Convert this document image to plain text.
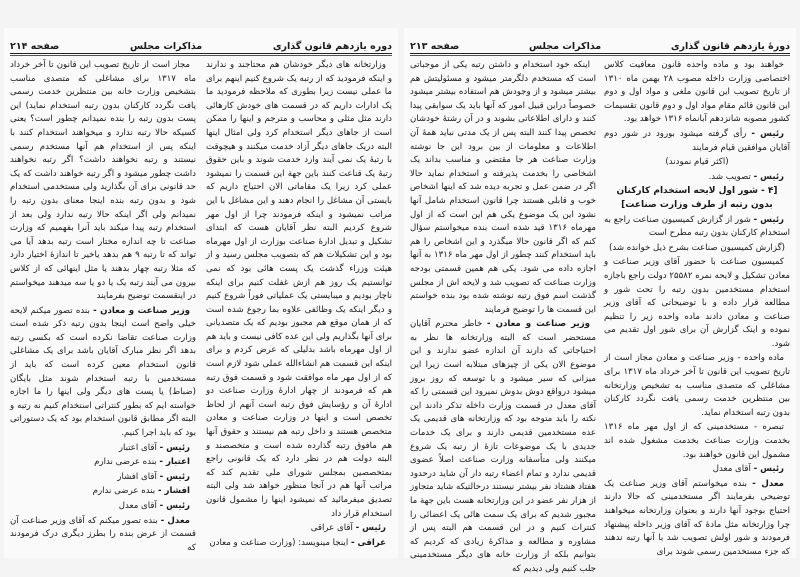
دوره یازدهم قانون گذاری
مذاکرات مجلس
صفحه ۲۱۴

وزارتخانه های دیگر خودشان هم محتاجند و ندارند و اینکه فرمودید که از رتبه یک شروع کنیم اینهم برای ما عملی نیست زیرا بطوری که ملاحظه فرمودید ما یک ادارات داریم که در قسمت های خودش کارهائی دارند مثل مثلی و محاسب و مترجم و اینها را ممکن است از جاهای دیگر استخدام کرد ولی امثال اینها البته دریک جاهای دیگر آزاد خدمت میکنند و هیچوقت با رتبهٔ یک نمی آیند وارد خدمت شوند و باین حقوق رتبهٔ یک قناعت کنند باین جهة این قسمت را نمیشود عملی کرد زیرا یک مقاماتی الان احتیاج داریم که بایستی آن مشاغل را انجام دهند و این مشاغل با این مراتب نمیشود و اینکه فرمودند چرا از اول مهر شروع کردیم البته نظر آقایان هست که ابتدای تشکیل و تبدیل ادارهٔ صناعت بوزارت از اول مهرماه بود و این تشکیلات هم که بتصویب مجلس رسید و از هیئت وزراء گذشت یک پست هائی بود که نمی توانستیم یک روز هم ازش غفلت کنیم برای اینکه ناچار بودیم و میبایستی یک عملیاتی فوراً شروع کنیم و دیگر اینکه یک وظائفی علاوه بما رجوع شده است که از همان موقع هم مجبور بودیم که یک متصدیانی برای آنها بگذاریم ولی این عده کافی نیست و باید هم از اول مهرماه باشد بدلیلی که عرض کردم و برای اینکه این قسمت هم انشاءالله عملی شود لازم است که از اول مهر ماه موافقت شود و قسمت فوق رتبه هم که فرمودند از چهار ادارهٔ وزارت صناعت دو ادارهٔ آن و رؤسایش فوق رتبه است آنهم از لحاظ تخصص است و اینها در وزارت صناعت و معادن متخصص هستند و داخل رتبه هم نیستند و حقوق آنها هم مافوق رتبه گذارده شده است و متخصصند و البته دولت هم در نظر دارد که یک قانونی راجع بمتخصصین بمجلس شورای ملی تقدیم کند که مراتب آنها هم در آنجا منظور خواهد شد ولی البته تصدیق میفرمائید که نمیشود اینها را مشمول قانون استخدام قرار داد

رئیس - آقای عراقی

عراقی - اینجا مینویسد: (وزارت صناعت و معادن

مجاز است از تاریخ تصویب این قانون تا آخر خرداد ماه ۱۳۱۷ برای مشاغلی که متصدی مناسب بتشخیص وزارت خانه بین منتظرین خدمت رسمی یافت نگردد کارکنان بدون رتبه استخدام نماید) این پست بدون رتبه را بنده نمیدانم چطور است؟ یعنی کسیکه حالا رتبه ندارد و میخواهند استخدام کنند با اینکه پس از استخدام هم آنها مستخدم رسمی نیستند و رتبه نخواهند داشت؟ اگر رتبه نخواهند داشت چطور میشود و اگر رتبه خواهند داشت که یک حد قانونی برای آن بگذارید ولی مستخدمی استخدام شود و بدون رتبه بنده اینجا معنای بدون رتبه را نمیدانم ولی اگر اینکه حالا رتبه ندارد ولی بعد از استخدام رتبه پیدا میکند باید آنرا بفهمیم که وزارت صناعت تا چه اندازه مختار است رتبه بدهد آیا می تواند که تا رتبه ۹ هم بدهد یاخیر تا اندازهٔ اختیار دارد که مثلا رتبه چهار بدهند یا مثل اینهائی که از کلاس بیرون می آیند رتبه یک یا دو یا سه میدهند میخواستم در اینقسمت توضیح بفرمایند

وزیر صناعت و معادن - بنده تصور میکنم لایحه خیلی واضح است اینجا بدون رتبه ذکر شده است وزارت صناعت تقاضا نکرده است که بکسی رتبه بدهد اگر نظر مبارک آقایان باشد برای یک مشاغلی قانون استخدام معین کرده است که باید از مستخدمین با رتبه استخدام شوند مثل بایگان (ضباط) یا پست های دیگر ولی اینها را ما اجازه خواسته ایم که بطور کنتراتی استخدام کنیم نه رتبه و البته اگر مطابق قانون استخدام بود که یک دستوراتی بود که باید اجرا کنیم.

رئیس - آقای اعتبار

اعتبار - بنده عرضی ندارم

رئیس - آقای افشار

افشار - بنده عرضی ندارم

رئیس - آقای معدل

معدل - بنده تصور میکنم که آقای وزیر صناعت آن قسمت از عرض بنده را بطرز دیگری درک فرمودند که

دورهٔ یازدهم قانون گذاری
مذاکرات مجلس
صفحه ۲۱۳

خواهند بود و ماده واحده قانون معافیت کلاس اختصاصی وزارت داخله مصوب ۲۸ بهمن ماه ۱۳۱۰ از تاریخ تصویب این قانون ملغی و مواد اول و دوم این قانون قائم مقام مواد اول و دوم قانون تقسیمات کشور مصوبه شانزدهم آبانماه ۱۳۱۶ خواهد بود.

رئیس - رأی گرفته میشود بورود در شور دوم آقایان موافقین قیام فرمایند

(اکثر قیام نمودند)

رئیس - تصویب شد.

[۴ - شور اول لایحه استخدام کارکنان بدون رتبه از طرف وزارت صناعت]

رئیس - شور از گزارش کمیسیون صناعت راجع به استخدام کارکنان بدون رتبه مطرح است

(گزارش کمیسیون صناعت بشرح ذیل خوانده شد)

کمیسیون صناعت با حضور آقای وزیر صناعت و معادن تشکیل و لایحه نمره ۲۵۵۸۲ دولت راجع باجازه استخدام مستخدمین بدون رتبه را تحت شور و مطالعه قرار داده و با توضیحاتی که آقای وزیر صناعت و معادن دادند ماده واحده زیر را تنظیم نموده و اینک گزارش آن برای شور اول تقدیم می شود.

ماده واحده - وزیر صناعت و معادن مجاز است از تاریخ تصویب این قانون تا آخر خرداد ماه ۱۳۱۷ برای مشاغلی که متصدی مناسب به تشخیص وزارتخانه بین منتظرین خدمت رسمی یافت نگردد کارکنان بدون رتبه استخدام نماید.

تبصره - مستخدمینی که از اول مهر ماه ۱۳۱۶ بخدمت وزارت صناعت بخدمت مشغول شده اند مشمول این قانون خواهند بود.

رئیس - آقای معدل

معدل - بنده میخواستم آقای وزیر صناعت یک توضیحی بفرمایند اگر مستخدمینی که حالا دارند احتیاج بوجود آنها دارند و بعنوان وزارتخانه میخواهند چرا وزارتخانه مثل مادهٔ که آقای وزیر داخله پیشنهاد فرمودند و شور اولش تصویب شد با آنها رتبه ندهند که جزء مستخدمین رسمی شوند برای

اینکه خود استخدام و داشتن رتبه یکی از موجباتی است که مستخدم دلگرمتر میشود و مسئولیتش هم بیشتر میشود و از وجودش هم استفاده بیشتر میشود خصوصاً دراین قبیل امور که آنها باید یک سوابقی پیدا کنند و دارای اطلاعاتی بشوند و در آن رشتهٔ خودشان تخصص پیدا کنند البته پس از یک مدتی نباید همهٔ آن اطلاعات و معلومات از بین برود این جا نوشته وزارت صناعت هر جا مقتضی و مناسب بداند یک اشخاصی را بخدمت پذیرفته و استخدام نماید حالا اگر در ضمن عمل و تجربه دیده شد که اینها اشخاص خوب و قابلی هستند چرا قانون استخدام شامل آنها نشود این یک موضوع یکی هم این است که از اول مهرماه ۱۳۱۶ قید شده است بنده میخواستم سؤال کنم که اگر قانون حالا میگذرد و این اشخاص را هم باید استخدام کنند چطور از اول مهر ماه ۱۳۱۶ به آنها اجازه داده می شود. یکی هم همین قسمتی بودجه وزارت صناعت که تصویب شد و لایحه اش از مجلس گذشت اسم فوق رتبه نوشته شده بود بنده خواستم این قسمت ها را توضیح فرمایند

وزیر صناعت و معادن - خاطر محترم آقایان مستحضر است که البته وزارتخانه ها نظر به احتیاجاتی که دارند آن اندازه عضو ندارند و این موضوع الان یکی از چیزهای مبتلابه است زیرا این میزانی که سیر میشود و با توسعه که روز بروز میشود درواقع دوش بدوش نمیرود این قسمتی را که آقای معدل در قسمت وزارت داخله تذکر دادند این نکته را باید متوجه بود که وزارتخانه های قدیمی یک عده مستخدمین قدیمی دارند و برای یک خدمات جدیدی با یک موضوعات تازهٔ از رتبه یک شروع میکنند ولی متأسفانه وزارت صناعت اصلاً عضوی قدیمی ندارد و تمام اعضاء رتبه دار آن شاید درحدود هفتاد هشتاد نفر بیشتر نیستند درحالتیکه شاید متجاوز از هزار نفر عضو در این وزارتخانه هست باین جهة ما مجبور شدیم که برای یک سمت هائی یک اعضائی را کنترات کنیم و در این قسمت هم البته پس از مشاوره و مطالعه و مذاکرهٔ زیادی که کردیم که بتوانیم بلکه از وزارت خانه های دیگر مستخدمینی جلب کنیم ولی دیدیم که
